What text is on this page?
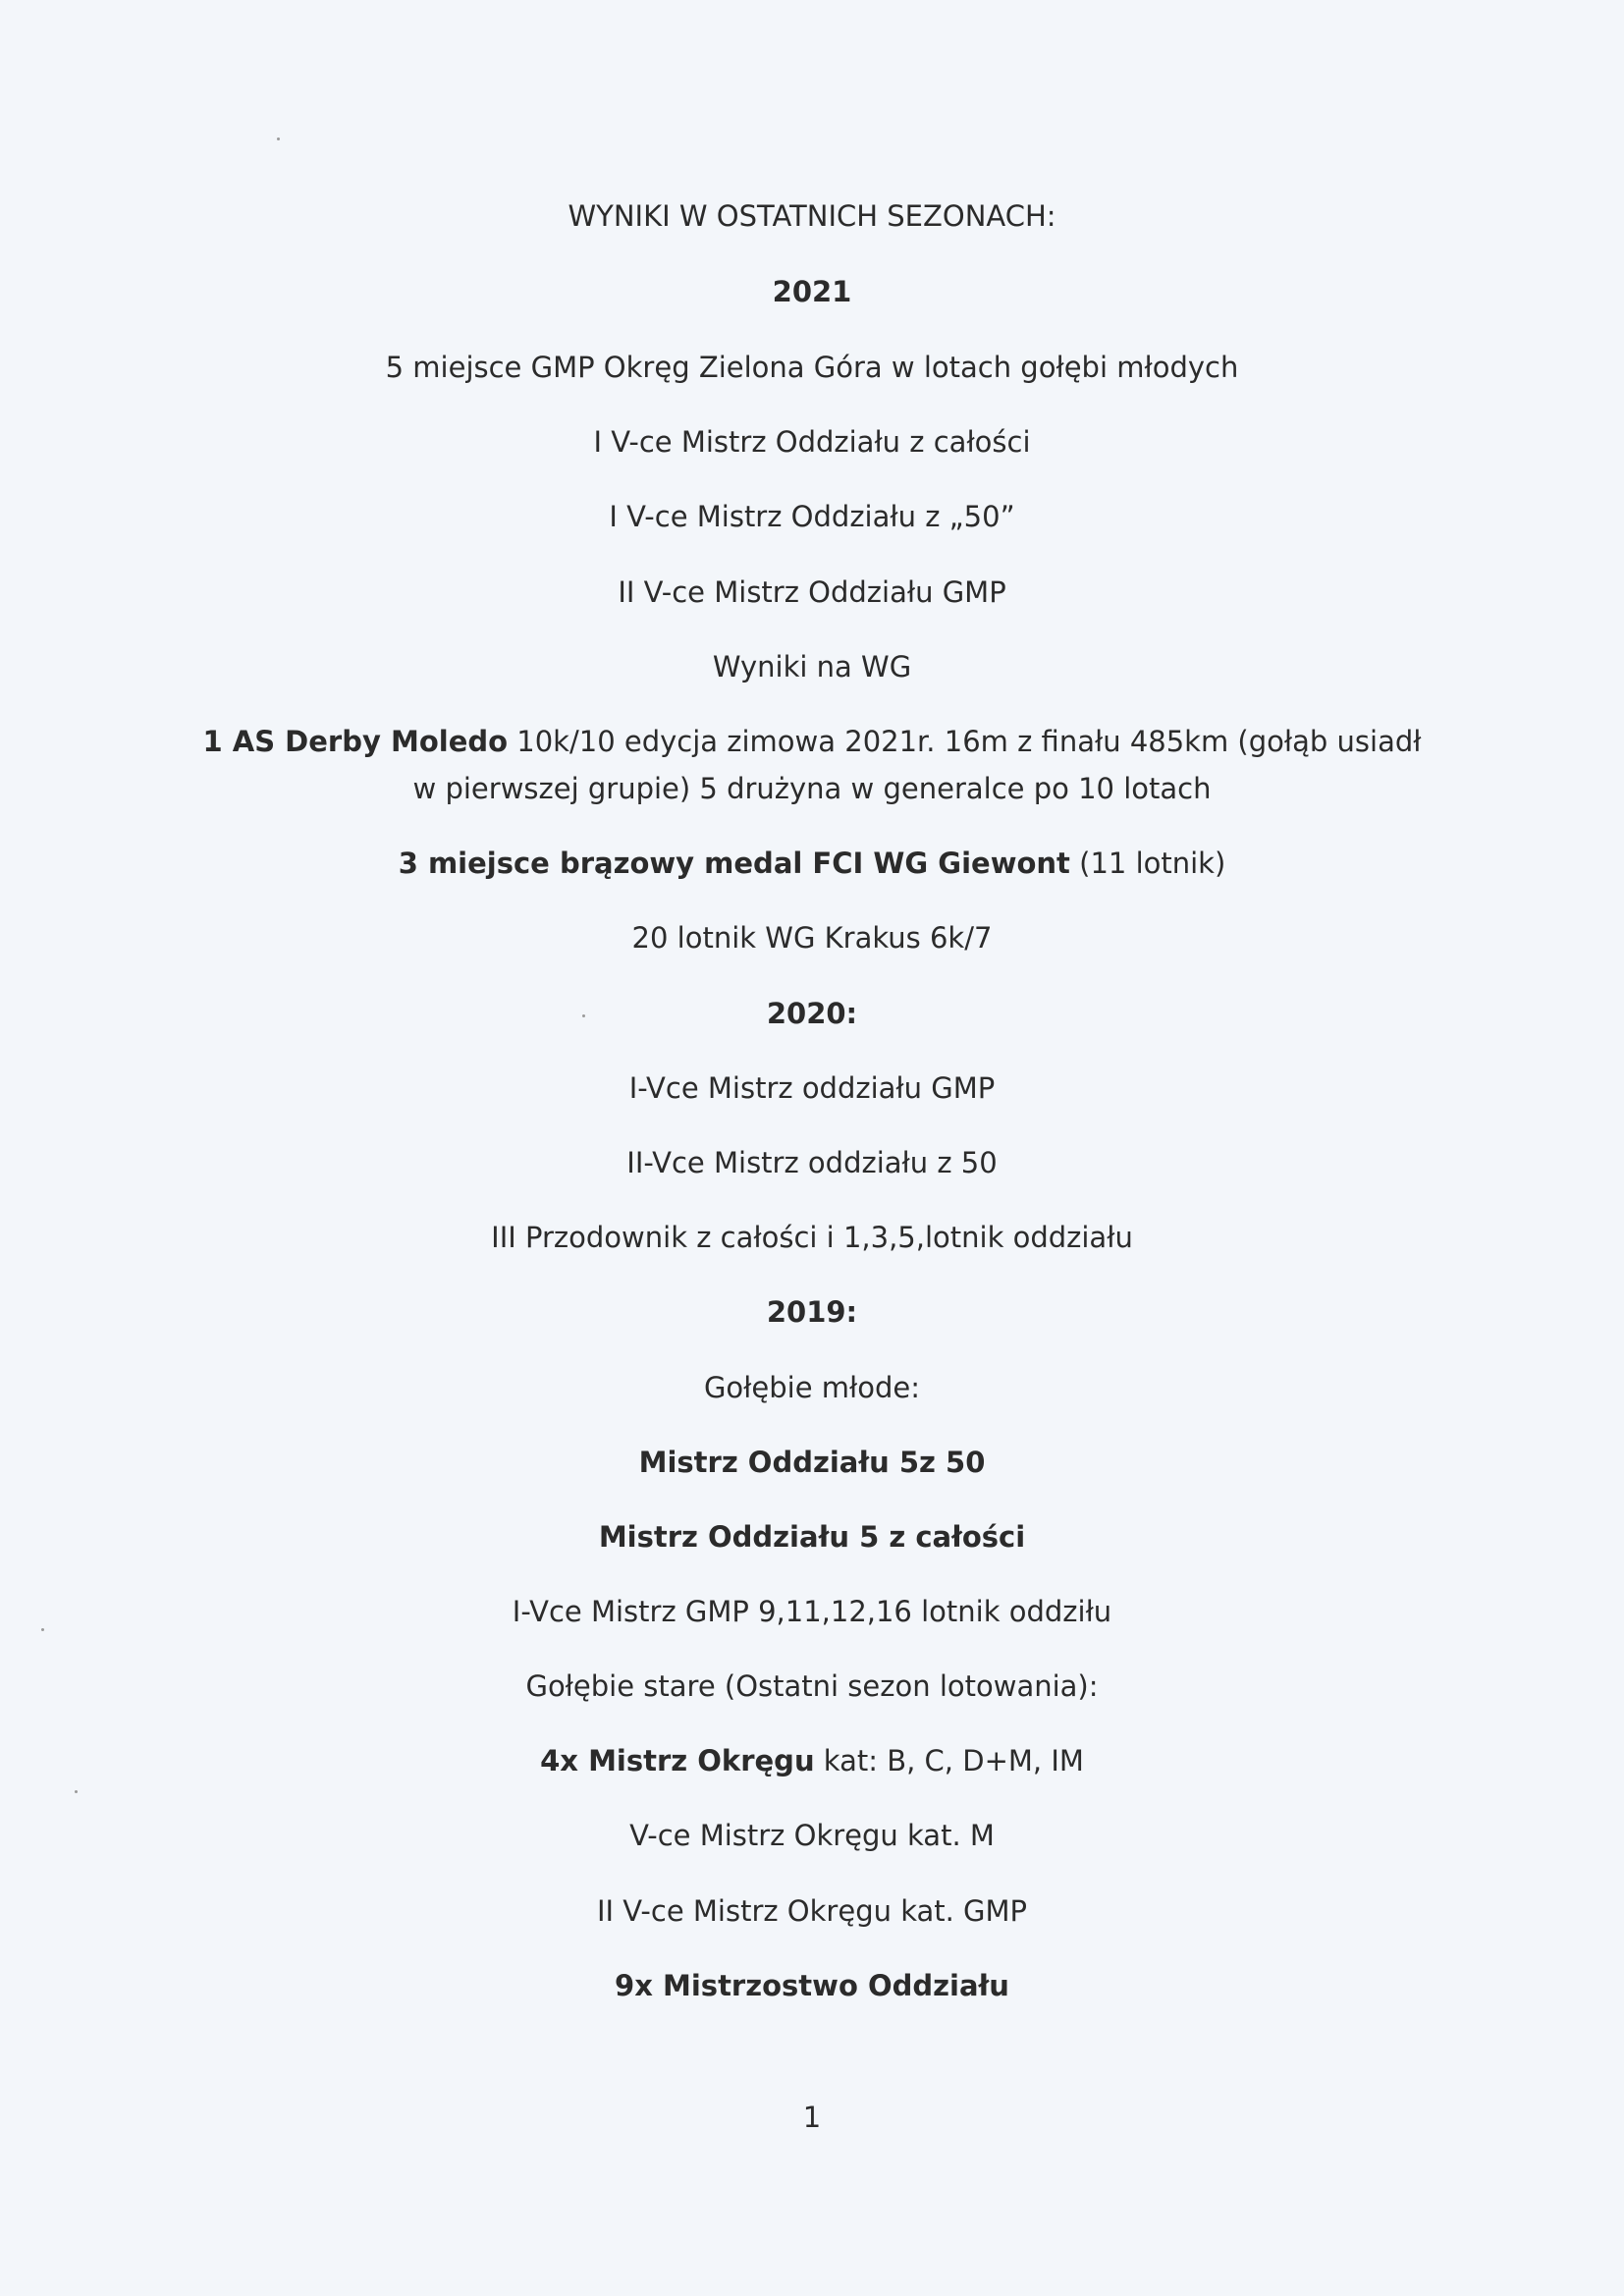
WYNIKI W OSTATNICH SEZONACH:
2021
5 miejsce GMP Okręg Zielona Góra w lotach gołębi młodych
I V-ce Mistrz Oddziału z całości
I V-ce Mistrz Oddziału z „50”
II V-ce Mistrz Oddziału GMP
Wyniki na WG
1 AS Derby Moledo 10k/10 edycja zimowa 2021r. 16m z finału 485km (gołąb usiadł
w pierwszej grupie) 5 drużyna w generalce po 10 lotach
3 miejsce brązowy medal FCI WG Giewont (11 lotnik)
20 lotnik WG Krakus 6k/7
2020:
I-Vce Mistrz oddziału GMP
II-Vce Mistrz oddziału z 50
III Przodownik z całości i 1,3,5,lotnik oddziału
2019:
Gołębie młode:
Mistrz Oddziału 5z 50
Mistrz Oddziału 5 z całości
I-Vce Mistrz GMP 9,11,12,16 lotnik oddziłu
Gołębie stare (Ostatni sezon lotowania):
4x Mistrz Okręgu kat: B, C, D+M, IM
V-ce Mistrz Okręgu kat. M
II V-ce Mistrz Okręgu kat. GMP
9x Mistrzostwo Oddziału
1
